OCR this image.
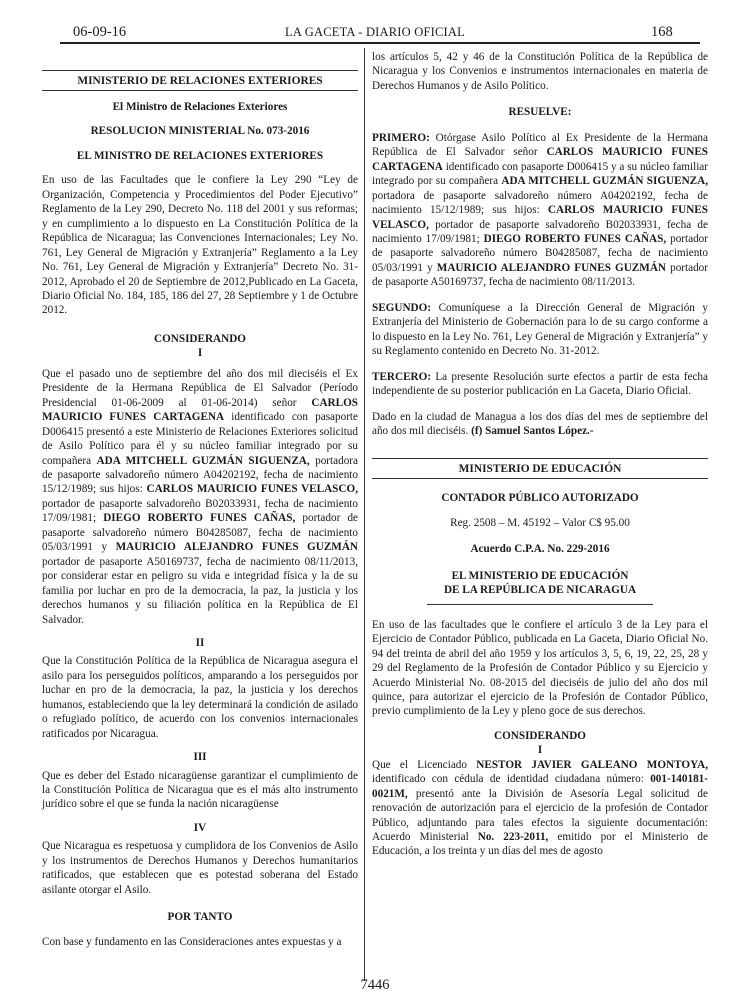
06-09-16	LA GACETA - DIARIO OFICIAL	168
MINISTERIO DE RELACIONES EXTERIORES

El Ministro de Relaciones Exteriores

RESOLUCION MINISTERIAL No. 073-2016

EL MINISTRO DE RELACIONES EXTERIORES

En uso de las Facultades que le confiere la Ley 290 “Ley de Organización, Competencia y Procedimientos del Poder Ejecutivo” Reglamento de la Ley 290, Decreto No. 118 del 2001 y sus reformas; y en cumplimiento a lo dispuesto en La Constitución Política de la República de Nicaragua; las Convenciones Internacionales; Ley No. 761, Ley General de Migración y Extranjería” Reglamento a la Ley No. 761, Ley General de Migración y Extranjería” Decreto No. 31-2012, Aprobado el 20 de Septiembre de 2012,Publicado en La Gaceta, Diario Oficial No. 184, 185, 186 del 27, 28 Septiembre y 1 de Octubre 2012.

CONSIDERANDO

I

Que el pasado uno de septiembre del año dos mil dieciséis el Ex Presidente de la Hermana República de El Salvador (Período Presidencial 01-06-2009 al 01-06-2014) señor CARLOS MAURICIO FUNES CARTAGENA identificado con pasaporte D006415 presentó a este Ministerio de Relaciones Exteriores solicitud de Asilo Político para él y su núcleo familiar integrado por su compañera ADA MITCHELL GUZMÁN SIGUENZA, portadora de pasaporte salvadoreño número A04202192, fecha de nacimiento 15/12/1989; sus hijos: CARLOS MAURICIO FUNES VELASCO, portador de pasaporte salvadoreño B02033931, fecha de nacimiento 17/09/1981; DIEGO ROBERTO FUNES CAÑAS, portador de pasaporte salvadoreño número B04285087, fecha de nacimiento 05/03/1991 y MAURICIO ALEJANDRO FUNES GUZMÁN portador de pasaporte A50169737, fecha de nacimiento 08/11/2013, por considerar estar en peligro su vida e integridad física y la de su familia por luchar en pro de la democracia, la paz, la justicia y los derechos humanos y su filiación política en la República de El Salvador.

II

Que la Constitución Política de la República de Nicaragua asegura el asilo para los perseguidos políticos, amparando a los perseguidos por luchar en pro de la democracia, la paz, la justicia y los derechos humanos, estableciendo que la ley determinará la condición de asilado o refugiado político, de acuerdo con los convenios internacionales ratificados por Nicaragua.

III

Que es deber del Estado nicaragüense garantizar el cumplimiento de la Constitución Política de Nicaragua que es el más alto instrumento jurídico sobre el que se funda la nación nicaragüense

IV

Que Nicaragua es respetuosa y cumplidora de los Convenios de Asilo y los instrumentos de Derechos Humanos y Derechos humanitarios ratificados, que establecen que es potestad soberana del Estado asilante otorgar el Asilo.

POR TANTO

Con base y fundamento en las Consideraciones antes expuestas y a

los artículos 5, 42 y 46 de la Constitución Política de la República de Nicaragua y los Convenios e instrumentos internacionales en materia de Derechos Humanos y de Asilo Político.

RESUELVE:

PRIMERO: Otórgase Asilo Político al Ex Presidente de la Hermana República de El Salvador señor CARLOS MAURICIO FUNES CARTAGENA identificado con pasaporte D006415 y a su núcleo familiar integrado por su compañera ADA MITCHELL GUZMÁN SIGUENZA, portadora de pasaporte salvadoreño número A04202192, fecha de nacimiento 15/12/1989; sus hijos: CARLOS MAURICIO FUNES VELASCO, portador de pasaporte salvadoreño B02033931, fecha de nacimiento 17/09/1981; DIEGO ROBERTO FUNES CAÑAS, portador de pasaporte salvadoreño número B04285087, fecha de nacimiento 05/03/1991 y MAURICIO ALEJANDRO FUNES GUZMÁN portador de pasaporte A50169737, fecha de nacimiento 08/11/2013.

SEGUNDO: Comuníquese a la Dirección General de Migración y Extranjería del Ministerio de Gobernación para lo de su cargo conforme a lo dispuesto en la Ley No. 761, Ley General de Migración y Extranjería” y su Reglamento contenido en Decreto No. 31-2012.

TERCERO: La presente Resolución surte efectos a partir de esta fecha independiente de su posterior publicación en La Gaceta, Diario Oficial.

Dado en la ciudad de Managua a los dos días del mes de septiembre del año dos mil dieciséis. (f) Samuel Santos López.-

MINISTERIO DE EDUCACIÓN

CONTADOR PÚBLICO AUTORIZADO

Reg. 2508 – M. 45192 – Valor C$ 95.00

Acuerdo C.P.A. No. 229-2016

EL MINISTERIO DE EDUCACIÓN

DE LA REPÚBLICA DE NICARAGUA

En uso de las facultades que le confiere el artículo 3 de la Ley para el Ejercicio de Contador Público, publicada en La Gaceta, Diario Oficial No. 94 del treinta de abril del año 1959 y los artículos 3, 5, 6, 19, 22, 25, 28 y 29 del Reglamento de la Profesión de Contador Público y su Ejercicio y Acuerdo Ministerial No. 08-2015 del dieciséis de julio del año dos mil quince, para autorizar el ejercicio de la Profesión de Contador Público, previo cumplimiento de la Ley y pleno goce de sus derechos.

CONSIDERANDO

I

Que el Licenciado NESTOR JAVIER GALEANO MONTOYA, identificado con cédula de identidad ciudadana número: 001-140181-0021M, presentó ante la División de Asesoría Legal solicitud de renovación de autorización para el ejercicio de la profesión de Contador Público, adjuntando para tales efectos la siguiente documentación: Acuerdo Ministerial No. 223-2011, emitido por el Ministerio de Educación, a los treinta y un días del mes de agosto

7446
